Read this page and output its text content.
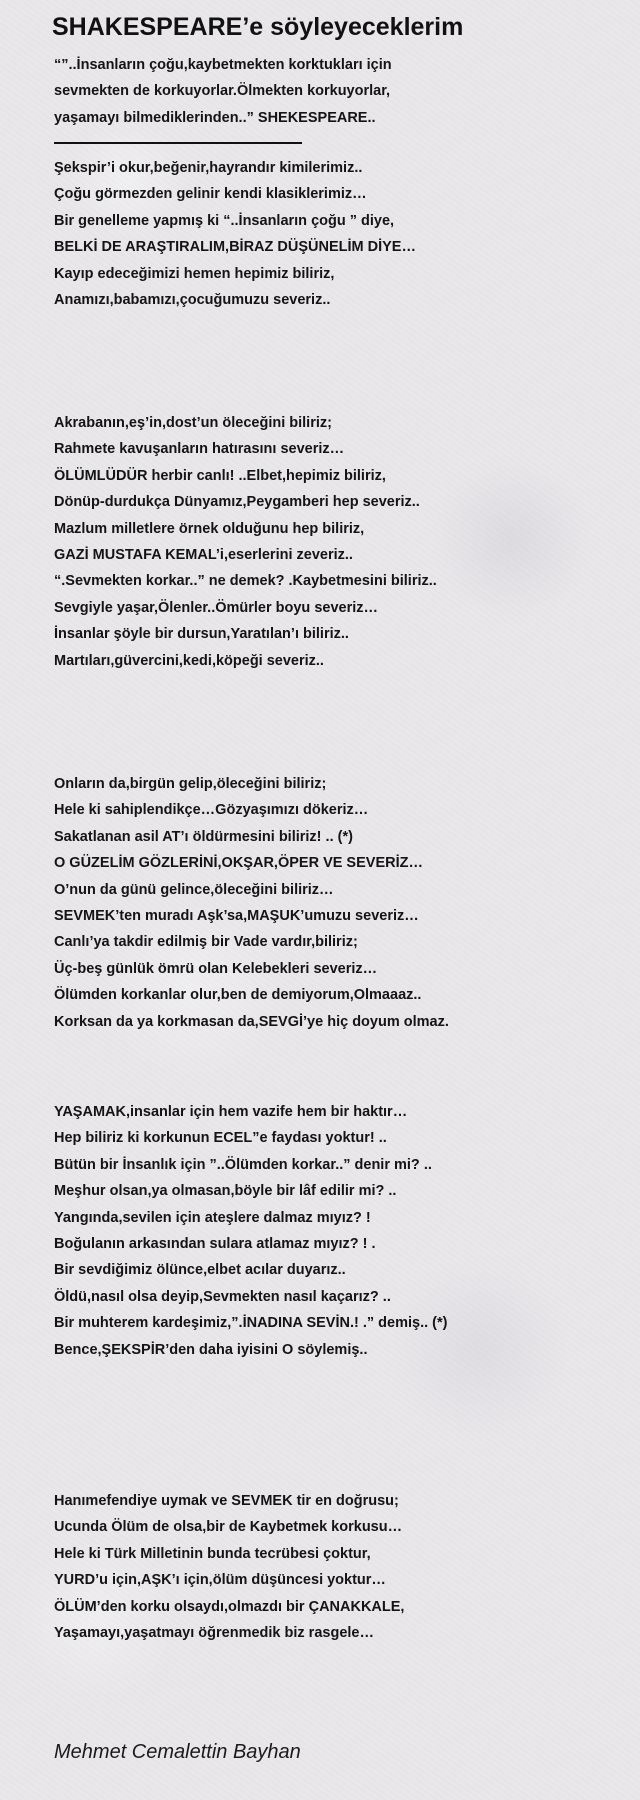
SHAKESPEARE’e söyleyeceklerim
“”..İnsanların çoğu,kaybetmekten korktukları için
sevmekten de korkuyorlar.Ölmekten korkuyorlar,
yaşamayı bilmediklerinden..” SHEKESPEARE..
Şekspir’i okur,beğenir,hayrandır kimilerimiz..
Çoğu görmezden gelinir kendi klasiklerimiz…
Bir genelleme yapmış ki “..İnsanların çoğu ” diye,
BELKİ DE ARAŞTIRALIM,BİRAZ DÜŞÜNELİM DİYE…
Kayıp edeceğimizi hemen hepimiz biliriz,
Anamızı,babamızı,çocuğumuzu severiz..
Akrabanın,eş’in,dost’un öleceğini biliriz;
Rahmete kavuşanların hatırasını severiz…
ÖLÜMLÜDÜR herbir canlı! ..Elbet,hepimiz biliriz,
Dönüp-durdukça Dünyamız,Peygamberi hep severiz..
Mazlum milletlere örnek olduğunu hep biliriz,
GAZİ MUSTAFA KEMAL’i,eserlerini zeveriz..
“.Sevmekten korkar..” ne demek? .Kaybetmesini biliriz..
Sevgiyle yaşar,Ölenler..Ömürler boyu severiz…
İnsanlar şöyle bir dursun,Yaratılan’ı biliriz..
Martıları,güvercini,kedi,köpeği severiz..
Onların da,birgün gelip,öleceğini biliriz;
Hele ki sahiplendikçe…Gözyaşımızı dökeriz…
Sakatlanan asil AT’ı öldürmesini biliriz! .. (*)
O GÜZELİM GÖZLERİNİ,OKŞAR,ÖPER VE SEVERİZ…
O’nun da günü gelince,öleceğini biliriz…
SEVMEK’ten muradı Aşk’sa,MAŞUK’umuzu severiz…
Canlı’ya takdir edilmiş bir Vade vardır,biliriz;
Üç-beş günlük ömrü olan Kelebekleri severiz…
Ölümden korkanlar olur,ben de demiyorum,Olmaaaz..
Korksan da ya korkmasan da,SEVGİ’ye hiç doyum olmaz.
YAŞAMAK,insanlar için hem vazife hem bir haktır…
Hep biliriz ki korkunun ECEL”e faydası yoktur! ..
Bütün bir İnsanlık için ”..Ölümden korkar..” denir mi? ..
Meşhur olsan,ya olmasan,böyle bir lâf edilir mi? ..
Yangında,sevilen için ateşlere dalmaz mıyız? !
Boğulanın arkasından sulara atlamaz mıyız? ! .
Bir sevdiğimiz ölünce,elbet acılar duyarız..
Öldü,nasıl olsa deyip,Sevmekten nasıl kaçarız? ..
Bir muhterem kardeşimiz,”.İNADINA SEVİN.! .” demiş.. (*)
Bence,ŞEKSPİR’den daha iyisini O söylemiş..
Hanımefendiye uymak ve SEVMEK tir en doğrusu;
Ucunda Ölüm de olsa,bir de Kaybetmek korkusu…
Hele ki Türk Milletinin bunda tecrübesi çoktur,
YURD’u için,AŞK’ı için,ölüm düşüncesi yoktur…
ÖLÜM’den korku olsaydı,olmazdı bir ÇANAKKALE,
Yaşamayı,yaşatmayı öğrenmedik biz rasgele…
Mehmet Cemalettin Bayhan
